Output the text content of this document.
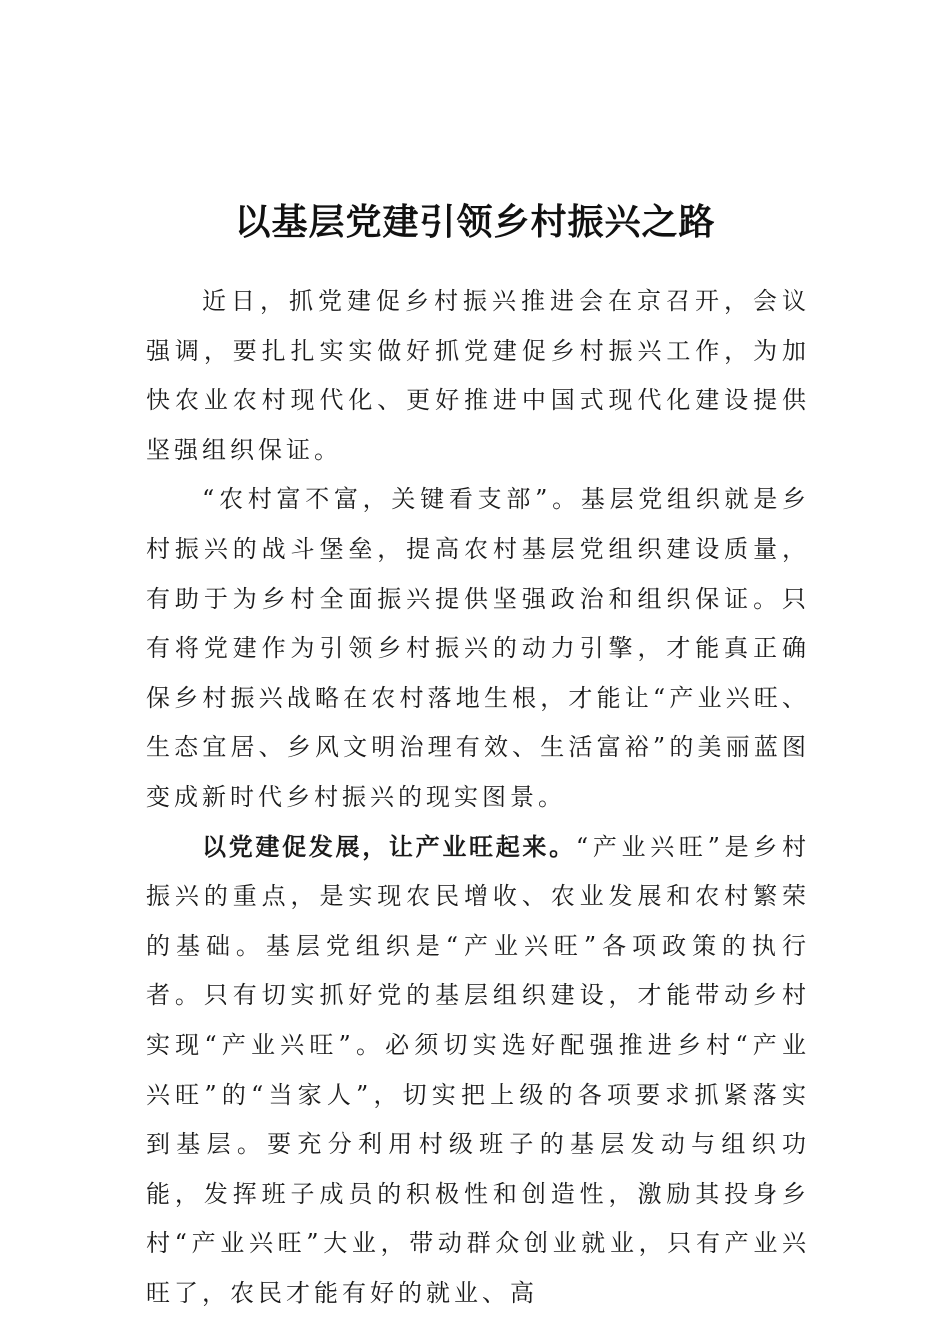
以基层党建引领乡村振兴之路

近日，抓党建促乡村振兴推进会在京召开，会议强调，要扎扎实实做好抓党建促乡村振兴工作，为加快农业农村现代化、更好推进中国式现代化建设提供坚强组织保证。

“农村富不富，关键看支部”。基层党组织就是乡村振兴的战斗堡垒，提高农村基层党组织建设质量，有助于为乡村全面振兴提供坚强政治和组织保证。只有将党建作为引领乡村振兴的动力引擎，才能真正确保乡村振兴战略在农村落地生根，才能让“产业兴旺、生态宜居、乡风文明治理有效、生活富裕”的美丽蓝图变成新时代乡村振兴的现实图景。

以党建促发展，让产业旺起来。“产业兴旺”是乡村振兴的重点，是实现农民增收、农业发展和农村繁荣的基础。基层党组织是“产业兴旺”各项政策的执行者。只有切实抓好党的基层组织建设，才能带动乡村实现“产业兴旺”。必须切实选好配强推进乡村“产业兴旺”的“当家人”，切实把上级的各项要求抓紧落实到基层。要充分利用村级班子的基层发动与组织功能，发挥班子成员的积极性和创造性，激励其投身乡村“产业兴旺”大业，带动群众创业就业，只有产业兴旺了，农民才能有好的就业、高
